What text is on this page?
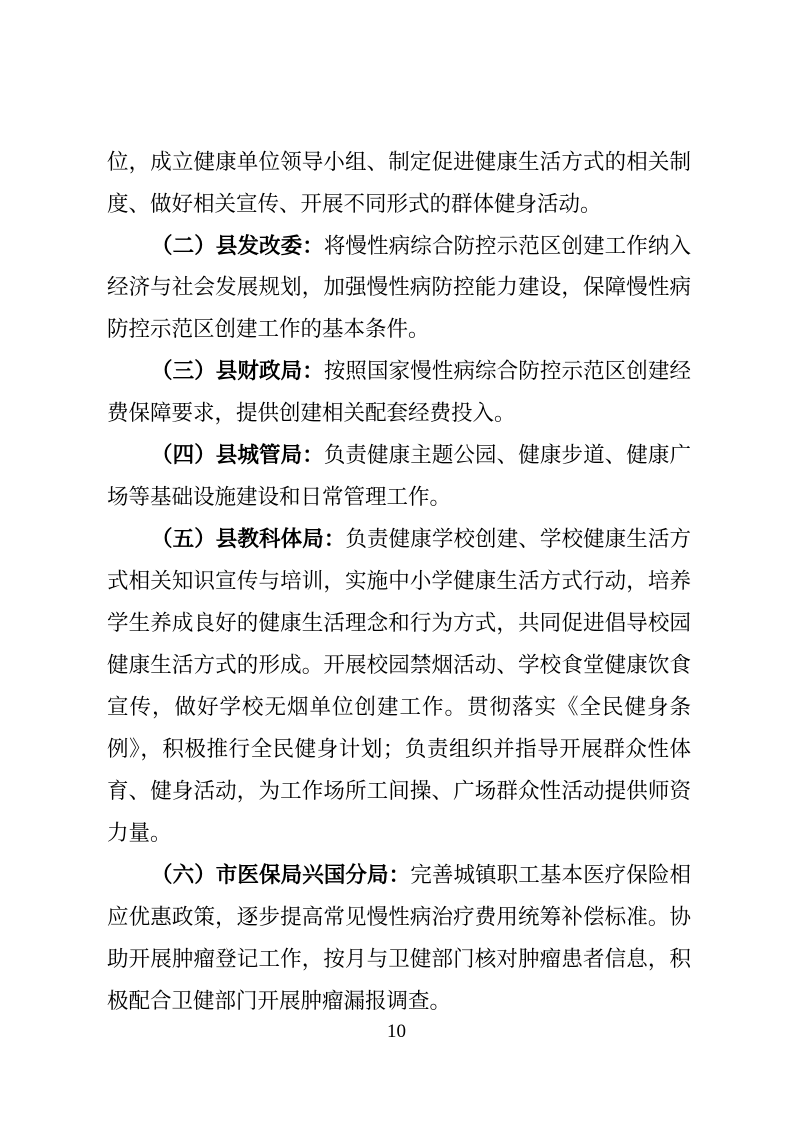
位，成立健康单位领导小组、制定促进健康生活方式的相关制
度、做好相关宣传、开展不同形式的群体健身活动。
（二）县发改委：将慢性病综合防控示范区创建工作纳入
经济与社会发展规划，加强慢性病防控能力建设，保障慢性病
防控示范区创建工作的基本条件。
（三）县财政局：按照国家慢性病综合防控示范区创建经
费保障要求，提供创建相关配套经费投入。
（四）县城管局：负责健康主题公园、健康步道、健康广
场等基础设施建设和日常管理工作。
（五）县教科体局：负责健康学校创建、学校健康生活方
式相关知识宣传与培训，实施中小学健康生活方式行动，培养
学生养成良好的健康生活理念和行为方式，共同促进倡导校园
健康生活方式的形成。开展校园禁烟活动、学校食堂健康饮食
宣传，做好学校无烟单位创建工作。贯彻落实《全民健身条
例》，积极推行全民健身计划；负责组织并指导开展群众性体
育、健身活动，为工作场所工间操、广场群众性活动提供师资
力量。
（六）市医保局兴国分局：完善城镇职工基本医疗保险相
应优惠政策，逐步提高常见慢性病治疗费用统筹补偿标准。协
助开展肿瘤登记工作，按月与卫健部门核对肿瘤患者信息，积
极配合卫健部门开展肿瘤漏报调查。
10
